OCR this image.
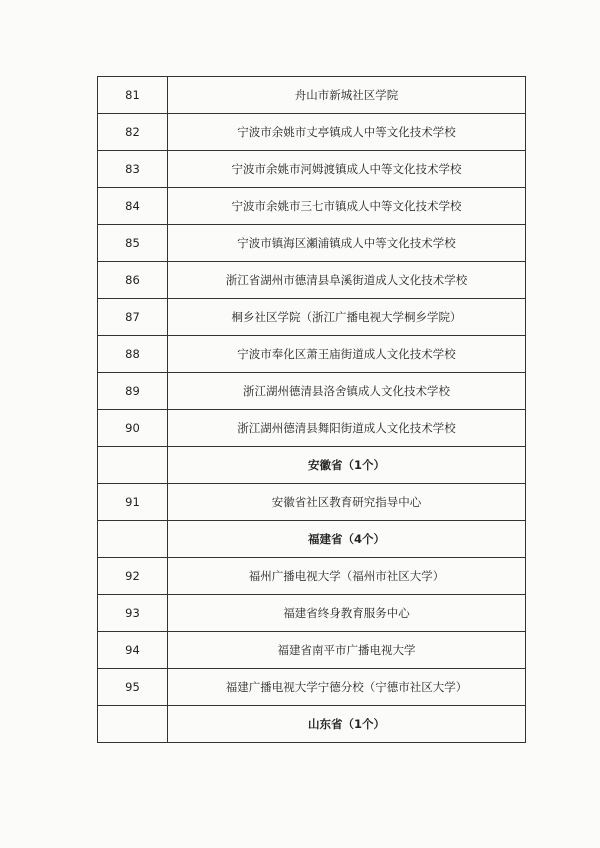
81	舟山市新城社区学院
82	宁波市余姚市丈亭镇成人中等文化技术学校
83	宁波市余姚市河姆渡镇成人中等文化技术学校
84	宁波市余姚市三七市镇成人中等文化技术学校
85	宁波市镇海区瀬浦镇成人中等文化技术学校
86	浙江省湖州市德清县阜溪街道成人文化技术学校
87	桐乡社区学院（浙江广播电视大学桐乡学院）
88	宁波市奉化区萧王庙街道成人文化技术学校
89	浙江湖州德清县洛舍镇成人文化技术学校
90	浙江湖州德清县舞阳街道成人文化技术学校
	安徽省（1个）
91	安徽省社区教育研究指导中心
	福建省（4个）
92	福州广播电视大学（福州市社区大学）
93	福建省终身教育服务中心
94	福建省南平市广播电视大学
95	福建广播电视大学宁德分校（宁德市社区大学）
	山东省（1个）
